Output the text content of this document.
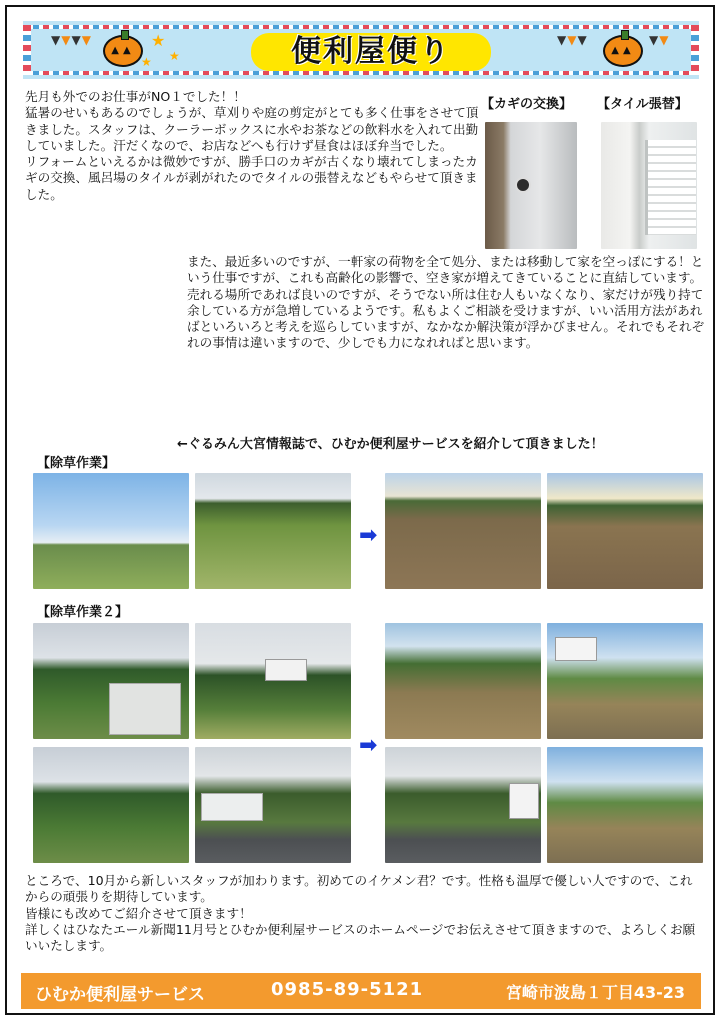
▼▼▼▼
▲▲
★
★ ★	便利屋便り	▼▼▼
▲▲
▼▼
先月も外でのお仕事がNO１でした！！
猛暑のせいもあるのでしょうが、草刈りや庭の剪定がとても多く仕事をさせて頂きました。スタッフは、クーラーボックスに水やお茶などの飲料水を入れて出勤していました。汗だくなので、お店などへも行けず昼食はほぼ弁当でした。
リフォームといえるかは微妙ですが、勝手口のカギが古くなり壊れてしまったカギの交換、風呂場のタイルが剥がれたのでタイルの張替えなどもやらせて頂きました。
【カギの交換】 【タイル張替】
また、最近多いのですが、一軒家の荷物を全て処分、または移動して家を空っぽにする！という仕事ですが、これも高齢化の影響で、空き家が増えてきていることに直結しています。
売れる場所であれば良いのですが、そうでない所は住む人もいなくなり、家だけが残り持て余している方が急増しているようです。私もよくご相談を受けますが、いい活用方法があればといろいろと考えを巡らしていますが、なかなか解決策が浮かびません。それでもそれぞれの事情は違いますので、少しでも力になれればと思います。
←ぐるみん大宮情報誌で、ひむか便利屋サービスを紹介して頂きました！
【除草作業】
➡
【除草作業２】
➡
ところで、10月から新しいスタッフが加わります。初めてのイケメン君？です。性格も温厚で優しい人ですので、これからの頑張りを期待しています。
皆様にも改めてご紹介させて頂きます！
詳しくはひなたエール新聞11月号とひむか便利屋サービスのホームページでお伝えさせて頂きますので、よろしくお願いいたします。
ひむか便利屋サービス	0985-89-5121	宮崎市波島１丁目43-23
